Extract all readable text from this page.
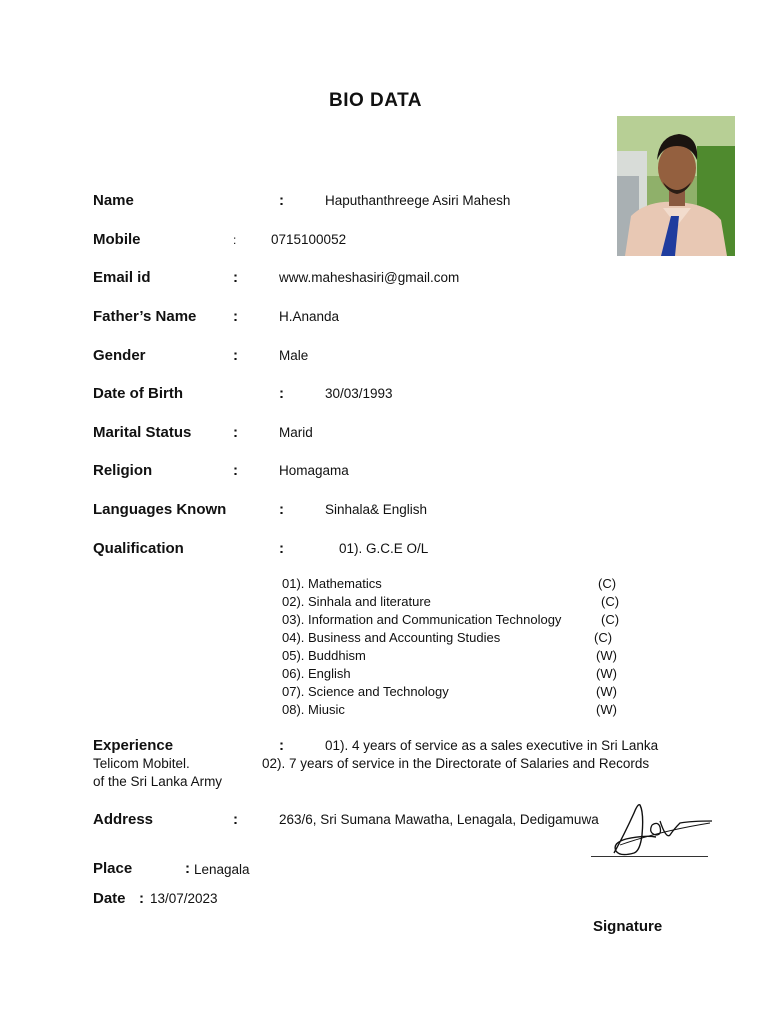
BIO DATA
Name	:	Haputhanthreege Asiri Mahesh
Mobile	:	0715100052
Email id	:	www.maheshasiri@gmail.com
Father’s Name :	H.Ananda
Gender	:	Male
Date of Birth	:	30/03/1993
Marital Status	:	Marid
Religion	:	Homagama
Languages Known	:	Sinhala& English
Qualification	:	01). G.C.E O/L
01). Mathematics	(C)
02). Sinhala and literature	(C)
03). Information and Communication Technology	(C)
04). Business and Accounting Studies	(C)
05). Buddhism	(W)
06). English	(W)
07). Science and Technology	(W)
08). Miusic	(W)
Experience	:	01). 4 years of service as a sales executive in Sri Lanka
Telicom Mobitel.	02). 7 years of service in the Directorate of Salaries and Records
of the Sri Lanka Army
Address	:	263/6, Sri Sumana Mawatha, Lenagala, Dedigamuwa
Place	: Lenagala
Date : 13/07/2023
Signature
